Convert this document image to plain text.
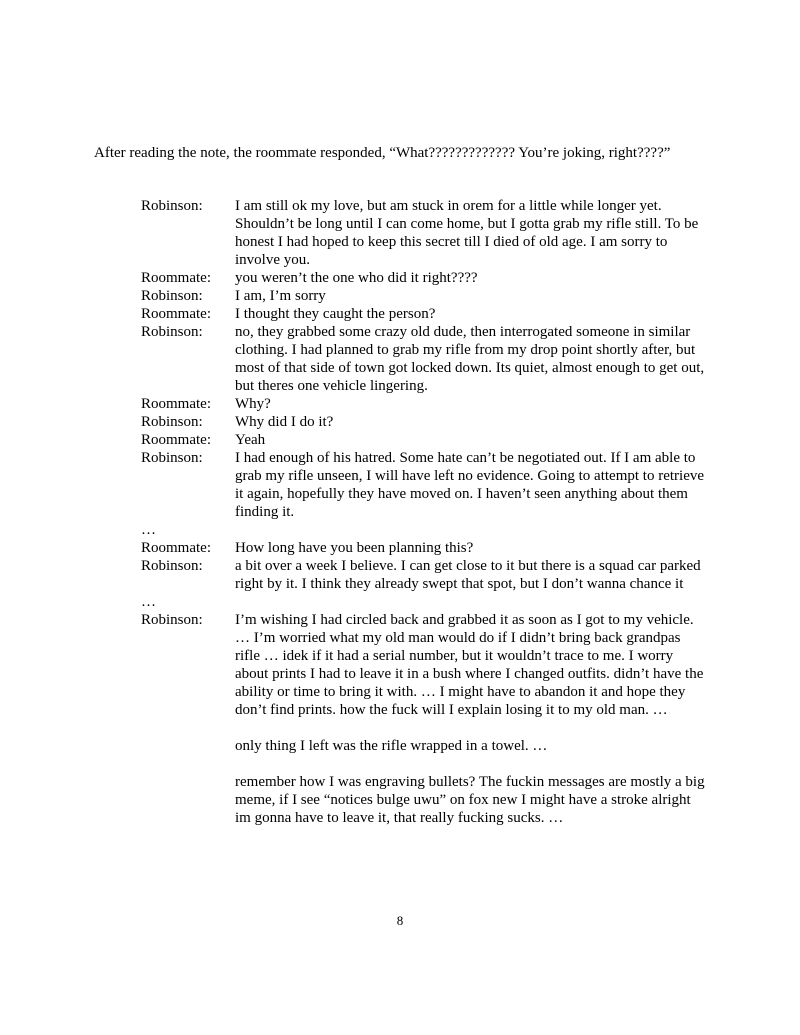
After reading the note, the roommate responded, “What????????????? You’re joking, right????”

Robinson:	I am still ok my love, but am stuck in orem for a little while longer yet. Shouldn’t be long until I can come home, but I gotta grab my rifle still. To be honest I had hoped to keep this secret till I died of old age. I am sorry to involve you.

Roommate:	you weren’t the one who did it right????

Robinson:	I am, I’m sorry

Roommate:	I thought they caught the person?

Robinson:	no, they grabbed some crazy old dude, then interrogated someone in similar clothing. I had planned to grab my rifle from my drop point shortly after, but most of that side of town got locked down. Its quiet, almost enough to get out, but theres one vehicle lingering.

Roommate:	Why?

Robinson:	Why did I do it?

Roommate:	Yeah

Robinson:	I had enough of his hatred. Some hate can’t be negotiated out. If I am able to grab my rifle unseen, I will have left no evidence. Going to attempt to retrieve it again, hopefully they have moved on. I haven’t seen anything about them finding it.

…
Roommate:	How long have you been planning this?

Robinson:	a bit over a week I believe. I can get close to it but there is a squad car parked right by it. I think they already swept that spot, but I don’t wanna chance it

…
Robinson:	I’m wishing I had circled back and grabbed it as soon as I got to my vehicle. … I’m worried what my old man would do if I didn’t bring back grandpas rifle … idek if it had a serial number, but it wouldn’t trace to me. I worry about prints I had to leave it in a bush where I changed outfits. didn’t have the ability or time to bring it with. … I might have to abandon it and hope they don’t find prints. how the fuck will I explain losing it to my old man. …

only thing I left was the rifle wrapped in a towel. …

remember how I was engraving bullets? The fuckin messages are mostly a big meme, if I see “notices bulge uwu” on fox new I might have a stroke alright im gonna have to leave it, that really fucking sucks. …

8
